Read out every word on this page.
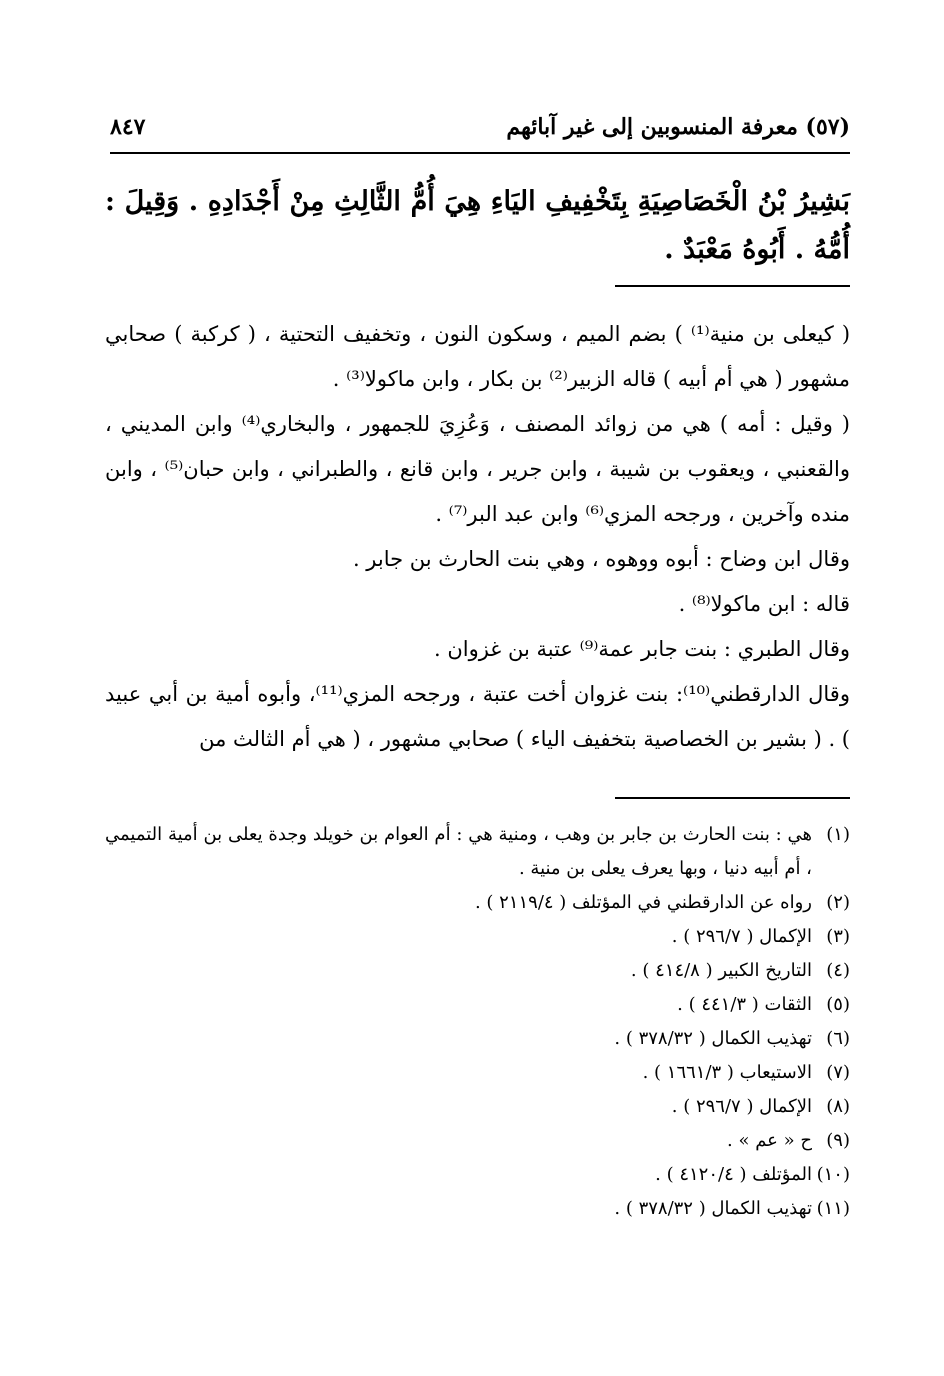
(٥٧) معرفة المنسوبين إلى غير آبائهم
٨٤٧

بَشِيرُ بْنُ الْخَصَاصِيَةِ بِتَخْفِيفِ اليَاءِ هِيَ أُمُّ الثَّالِثِ مِنْ أَجْدَادِهِ . وَقِيلَ : أُمُّهُ . أَبُوهُ مَعْبَدٌ .

( كيعلى بن منية⁽¹⁾ ) بضم الميم ، وسكون النون ، وتخفيف التحتية ، ( كركبة ) صحابي مشهور ( هي أم أبيه ) قاله الزبير⁽²⁾ بن بكار ، وابن ماكولا⁽³⁾ .

( وقيل : أمه ) هي من زوائد المصنف ، وَعُزِيَ للجمهور ، والبخاري⁽⁴⁾ وابن المديني ، والقعنبي ، ويعقوب بن شيبة ، وابن جرير ، وابن قانع ، والطبراني ، وابن حبان⁽⁵⁾ ، وابن منده وآخرين ، ورجحه المزي⁽⁶⁾ وابن عبد البر⁽⁷⁾ .

وقال ابن وضاح : أبوه ووهوه ، وهي بنت الحارث بن جابر .

قاله : ابن ماكولا⁽⁸⁾ .

وقال الطبري : بنت جابر عمة⁽⁹⁾ عتبة بن غزوان .

وقال الدارقطني⁽¹⁰⁾: بنت غزوان أخت عتبة ، ورجحه المزي⁽¹¹⁾، وأبوه أمية بن أبي عبيد ) . ( بشير بن الخصاصية بتخفيف الياء ) صحابي مشهور ، ( هي أم الثالث من

(١)
هي : بنت الحارث بن جابر بن وهب ، ومنية هي : أم العوام بن خويلد وجدة يعلى بن أمية التميمي ، أم أبيه دنيا ، وبها يعرف يعلى بن منية .
(٢)
رواه عن الدارقطني في المؤتلف ( ٢١١٩/٤ ) .
(٣)
الإكمال ( ٢٩٦/٧ ) .
(٤)
التاريخ الكبير ( ٤١٤/٨ ) .
(٥)
الثقات ( ٤٤١/٣ ) .
(٦)
تهذيب الكمال ( ٣٧٨/٣٢ ) .
(٧)
الاستيعاب ( ١٦٦١/٣ ) .
(٨)
الإكمال ( ٢٩٦/٧ ) .
(٩)
ح « عم » .
(١٠)
المؤتلف ( ٤١٢٠/٤ ) .
(١١)
تهذيب الكمال ( ٣٧٨/٣٢ ) .
